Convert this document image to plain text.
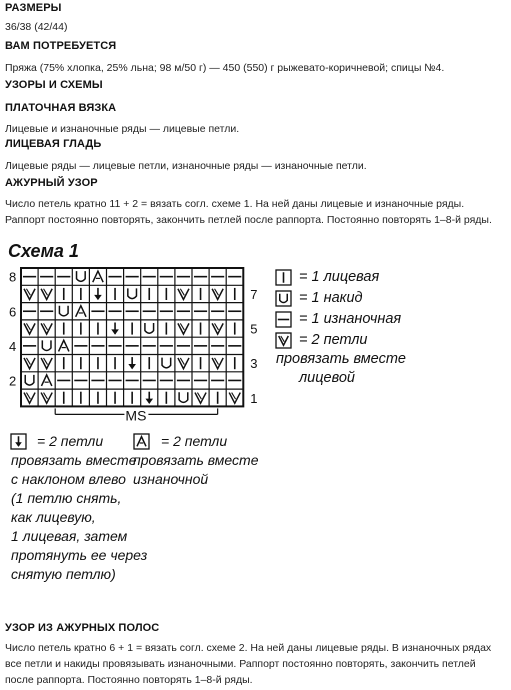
РАЗМЕРЫ
36/38 (42/44)
ВАМ ПОТРЕБУЕТСЯ
Пряжа (75% хлопка, 25% льна; 98 м/50 г) — 450 (550) г рыжевато-коричневой; спицы №4.
УЗОРЫ И СХЕМЫ
ПЛАТОЧНАЯ ВЯЗКА
Лицевые и изнаночные ряды — лицевые петли.
ЛИЦЕВАЯ ГЛАДЬ
Лицевые ряды — лицевые петли, изнаночные ряды — изнаночные петли.
АЖУРНЫЙ УЗОР
Число петель кратно 11 + 2 = вязать согл. схеме 1. На ней даны лицевые и изнаночные ряды.
Раппорт постоянно повторять, закончить петлей после раппорта. Постоянно повторять 1–8-й ряды.
Схема 1
8
6
4
2
7
5
3
1
MS
= 1 лицевая
= 1 накид
= 1 изнаночная
= 2 петли
провязать вместе
лицевой
= 2 петли
провязать вместе
с наклоном влево
(1 петлю снять,
как лицевую,
1 лицевая, затем
протянуть ее через
снятую петлю)
= 2 петли
провязать вместе
изнаночной
УЗОР ИЗ АЖУРНЫХ ПОЛОС
Число петель кратно 6 + 1 = вязать согл. схеме 2. На ней даны лицевые ряды. В изнаночных рядах
все петли и накиды провязывать изнаночными. Раппорт постоянно повторять, закончить петлей
после раппорта. Постоянно повторять 1–8-й ряды.
